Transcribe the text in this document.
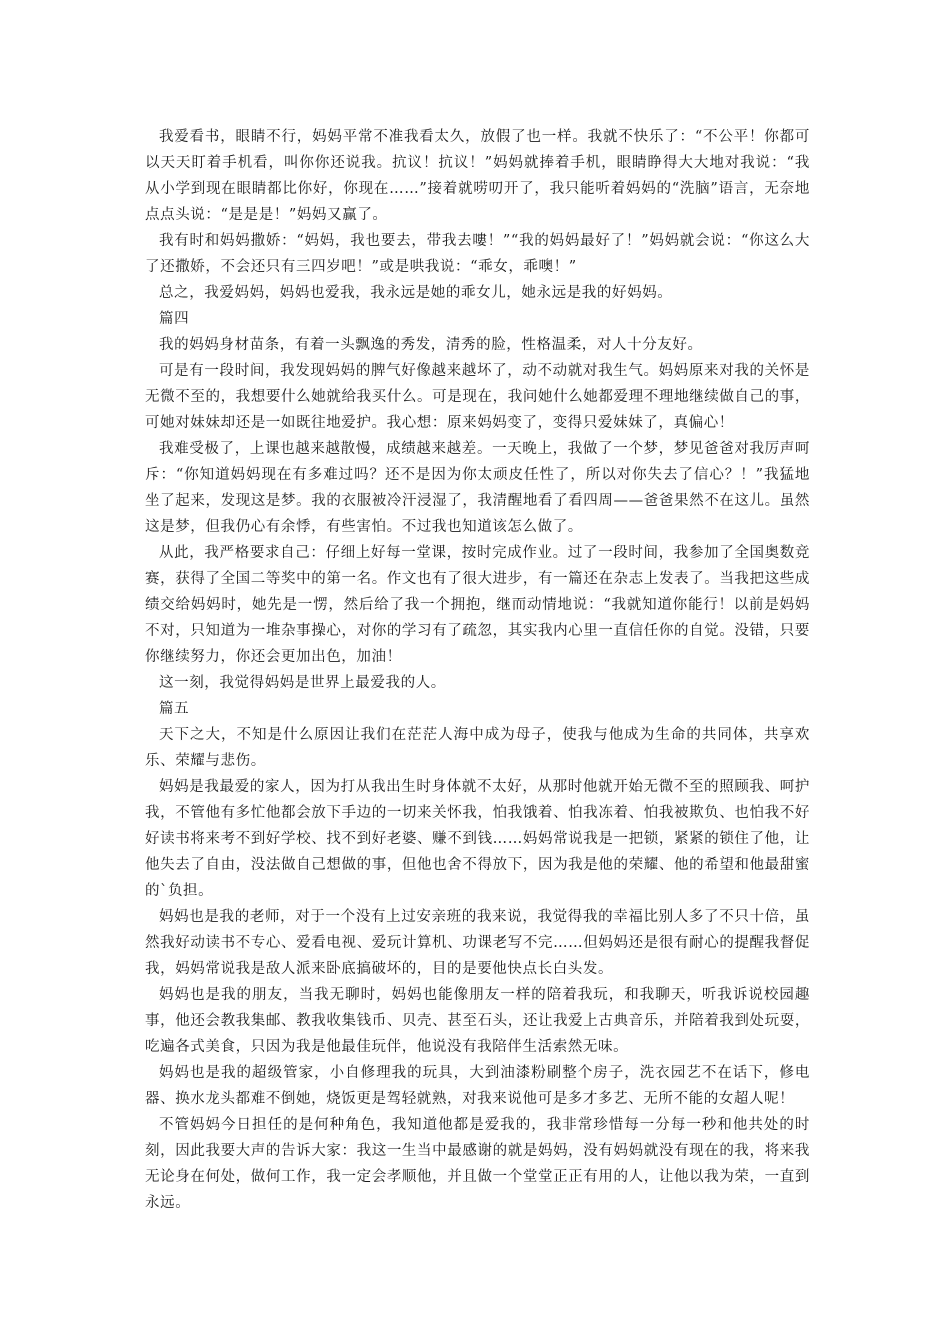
我爱看书，眼睛不行，妈妈平常不准我看太久，放假了也一样。我就不快乐了：“不公平！你都可以天天盯着手机看，叫你你还说我。抗议！抗议！”妈妈就捧着手机，眼睛睁得大大地对我说：“我从小学到现在眼睛都比你好，你现在……”接着就唠叨开了，我只能听着妈妈的“洗脑”语言，无奈地点点头说：“是是是！”妈妈又赢了。

我有时和妈妈撒娇：“妈妈，我也要去，带我去嘍！”“我的妈妈最好了！”妈妈就会说：“你这么大了还撒娇，不会还只有三四岁吧！”或是哄我说：“乖女，乖噢！”

总之，我爱妈妈，妈妈也爱我，我永远是她的乖女儿，她永远是我的好妈妈。

篇四

我的妈妈身材苗条，有着一头飘逸的秀发，清秀的脸，性格温柔，对人十分友好。

可是有一段时间，我发现妈妈的脾气好像越来越坏了，动不动就对我生气。妈妈原来对我的关怀是无微不至的，我想要什么她就给我买什么。可是现在，我问她什么她都爱理不理地继续做自己的事，可她对妹妹却还是一如既往地爱护。我心想：原来妈妈变了，变得只爱妹妹了，真偏心！

我难受极了，上课也越来越散慢，成绩越来越差。一天晚上，我做了一个梦，梦见爸爸对我厉声呵斥：“你知道妈妈现在有多难过吗？还不是因为你太顽皮任性了，所以对你失去了信心？！”我猛地坐了起来，发现这是梦。我的衣服被冷汗浸湿了，我清醒地看了看四周——爸爸果然不在这儿。虽然这是梦，但我仍心有余悸，有些害怕。不过我也知道该怎么做了。

从此，我严格要求自己：仔细上好每一堂课，按时完成作业。过了一段时间，我参加了全国奥数竞赛，获得了全国二等奖中的第一名。作文也有了很大进步，有一篇还在杂志上发表了。当我把这些成绩交给妈妈时，她先是一愣，然后给了我一个拥抱，继而动情地说：“我就知道你能行！以前是妈妈不对，只知道为一堆杂事操心，对你的学习有了疏忽，其实我内心里一直信任你的自觉。没错，只要你继续努力，你还会更加出色，加油！

这一刻，我觉得妈妈是世界上最爱我的人。

篇五

天下之大，不知是什么原因让我们在茫茫人海中成为母子，使我与他成为生命的共同体，共享欢乐、荣耀与悲伤。

妈妈是我最爱的家人，因为打从我出生时身体就不太好，从那时他就开始无微不至的照顾我、呵护我，不管他有多忙他都会放下手边的一切来关怀我，怕我饿着、怕我冻着、怕我被欺负、也怕我不好好读书将来考不到好学校、找不到好老婆、赚不到钱……妈妈常说我是一把锁，紧紧的锁住了他，让他失去了自由，没法做自己想做的事，但他也舍不得放下，因为我是他的荣耀、他的希望和他最甜蜜的`负担。

妈妈也是我的老师，对于一个没有上过安亲班的我来说，我觉得我的幸福比别人多了不只十倍，虽然我好动读书不专心、爱看电视、爱玩计算机、功课老写不完……但妈妈还是很有耐心的提醒我督促我，妈妈常说我是敌人派来卧底搞破坏的，目的是要他快点长白头发。

妈妈也是我的朋友，当我无聊时，妈妈也能像朋友一样的陪着我玩，和我聊天，听我诉说校园趣事，他还会教我集邮、教我收集钱币、贝壳、甚至石头，还让我爱上古典音乐，并陪着我到处玩耍，吃遍各式美食，只因为我是他最佳玩伴，他说没有我陪伴生活索然无味。

妈妈也是我的超级管家，小自修理我的玩具，大到油漆粉刷整个房子，洗衣园艺不在话下，修电器、换水龙头都难不倒她，烧饭更是驾轻就熟，对我来说他可是多才多艺、无所不能的女超人呢！

不管妈妈今日担任的是何种角色，我知道他都是爱我的，我非常珍惜每一分每一秒和他共处的时刻，因此我要大声的告诉大家：我这一生当中最感谢的就是妈妈，没有妈妈就没有现在的我，将来我无论身在何处，做何工作，我一定会孝顺他，并且做一个堂堂正正有用的人，让他以我为荣，一直到永远。
